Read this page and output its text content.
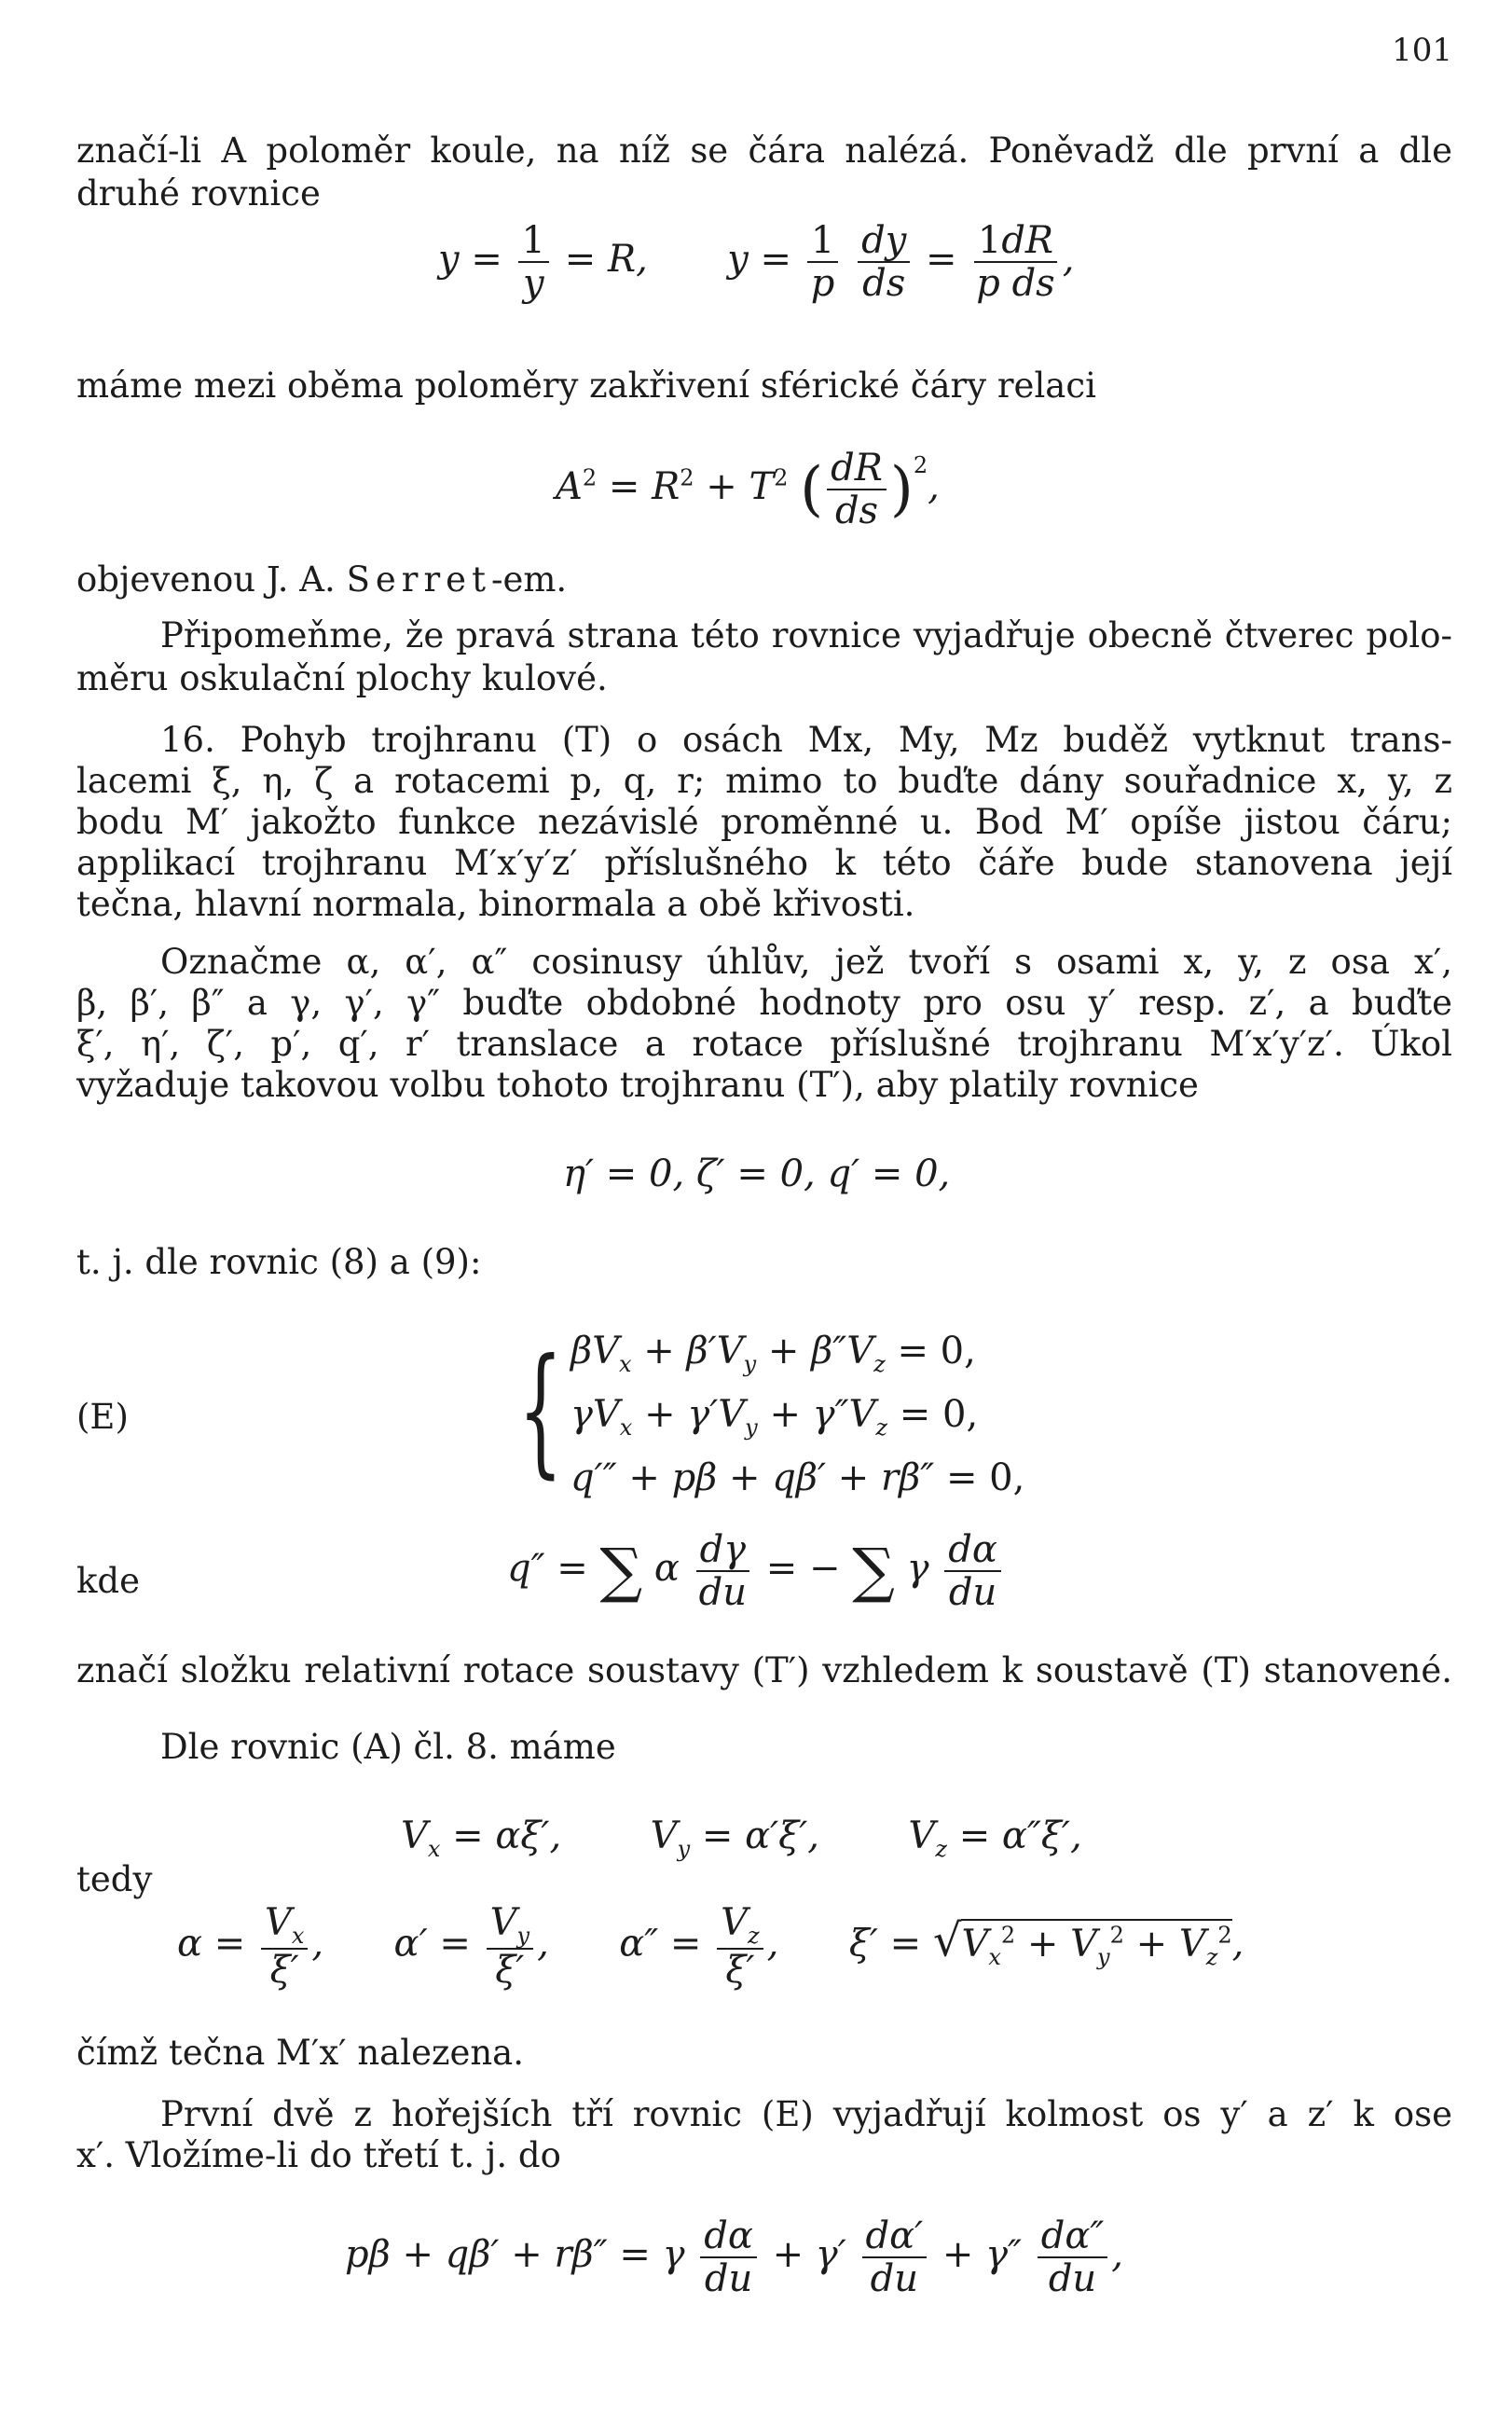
101
značí-li A poloměr koule, na níž se čára nalézá. Poněvadž dle první a dle
druhé rovnice
$y = \frac{1}{y} = R$,  $y = \frac{1}{p}$
$\frac{dy}{ds} = \frac{1dR}{\text{p ds}}$ ,
máme mezi oběma poloměry zakřivení sférické čáry relaci
$A^2 = R^2 + T^2$ ( $\frac{dR}{ds} )^2$,
objevenou J. A. Serret-em.
Připomeňme, že pravá strana této rovnice vyjadřuje obecně čtverec polo-
měru oskulační plochy kulové.
16. Pohyb trojhranu (T) o osách Mx, My, Mz buděž vytknut trans-
lacemi ξ, η, ζ a rotacemi p, q, r; mimo to buďte dány souřadnice x, y, z
bodu M′ jakožto funkce nezávislé proměnné u. Bod M′ opíše jistou čáru;
applikací trojhranu M′x′y′z′ příslušného k této čáře bude stanovena její
tečna, hlavní normala, binormala a obě křivosti.
Označme α, α′, α″ cosinusy úhlův, jež tvoří s osami x, y, z osa x′,
β, β′, β″ a γ, γ′, γ″ buďte obdobné hodnoty pro osu y′ resp. z′, a buďte
ξ′, η′, ζ′, p′, q′, r′ translace a rotace příslušné trojhranu M′x′y′z′. Úkol
vyžaduje takovou volbu tohoto trojhranu (T′), aby platily rovnice
η′ = 0, ζ′ = 0, q′ = 0,
t. j. dle rovnic (8) a (9):
(E)	{ $\beta V_x + \beta'V_y + \beta''V_z = 0$,
$\gamma V_x + \gamma'V_y + \gamma''V_z = 0$,
q′″ + pβ + qβ′ + rβ″ = 0,
kde	q″ = ∑ α $\frac{d\gamma}{du}$ = − ∑ γ $\frac{d\alpha}{du}$
značí složku relativní rotace soustavy (T′) vzhledem k soustavě (T) stanovené.
Dle rovnic (A) čl. 8. máme
$V_x = \alpha\xi'$,  $V_y = \alpha'\xi'$,  $V_z = \alpha''\xi'$,
tedy
$\alpha = \frac{V_x}{\xi'}$ ,  $\alpha' = \frac{V_y}{\xi'}$ ,  $\alpha'' = \frac{V_z}{\xi'}$ ,  $\xi' = √V_x^2 + V_y^2 + V_z^2$,
čímž tečna M′x′ nalezena.
První dvě z hořejších tří rovnic (E) vyjadřují kolmost os y′ a z′ k ose
x′. Vložíme-li do třetí t. j. do
pβ + qβ′ + rβ″ = γ $\frac{d\alpha}{du} + \gamma' \frac{d\alpha'}{du} + \gamma'' \frac{d\alpha''}{du}$ ,
